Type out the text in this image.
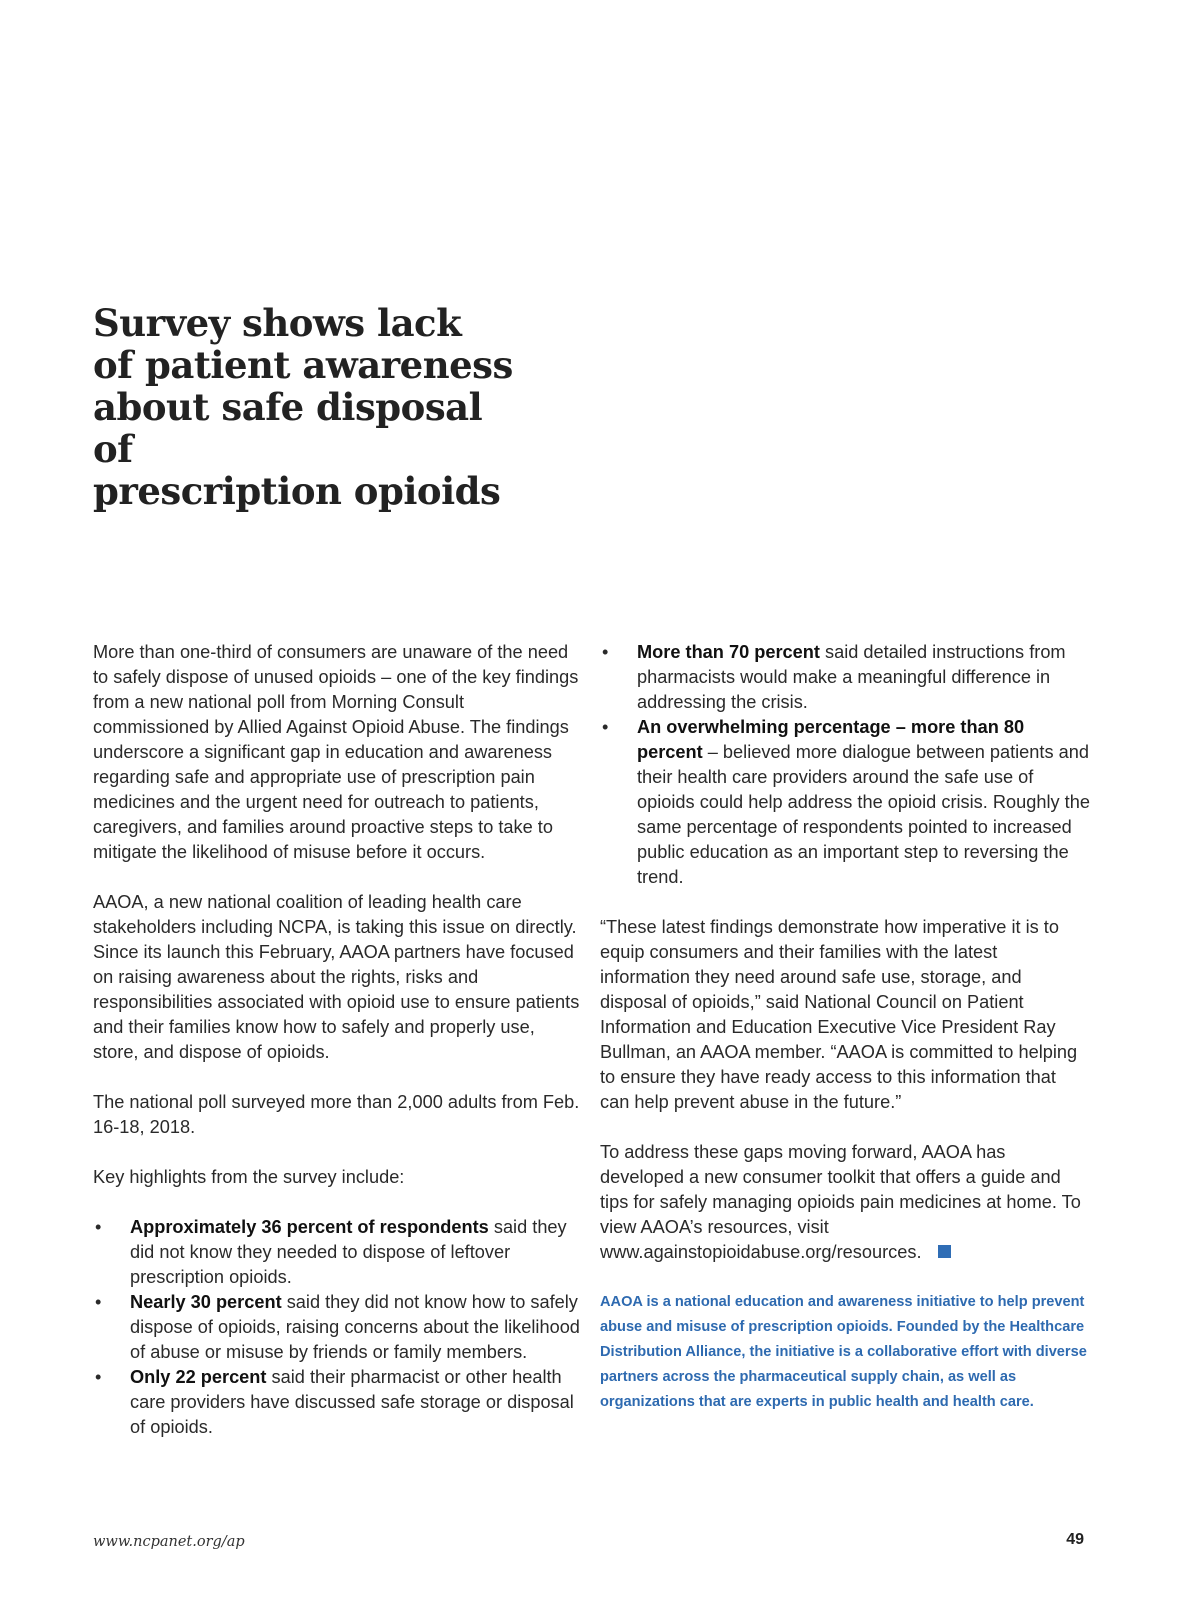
Survey shows lack
of patient awareness
about safe disposal of
prescription opioids

More than one-third of consumers are unaware of the need to safely dispose of unused opioids – one of the key findings from a new national poll from Morning Consult commissioned by Allied Against Opioid Abuse. The findings underscore a significant gap in education and awareness regarding safe and appropriate use of prescription pain medicines and the urgent need for outreach to patients, caregivers, and families around proactive steps to take to mitigate the likelihood of misuse before it occurs.

AAOA, a new national coalition of leading health care stakeholders including NCPA, is taking this issue on directly. Since its launch this February, AAOA partners have focused on raising awareness about the rights, risks and responsibilities associated with opioid use to ensure patients and their families know how to safely and properly use, store, and dispose of opioids.

The national poll surveyed more than 2,000 adults from Feb. 16-18, 2018.

Key highlights from the survey include:

• Approximately 36 percent of respondents said they did not know they needed to dispose of leftover prescription opioids.
• Nearly 30 percent said they did not know how to safely dispose of opioids, raising concerns about the likelihood of abuse or misuse by friends or family members.
• Only 22 percent said their pharmacist or other health care providers have discussed safe storage or disposal of opioids.
• More than 70 percent said detailed instructions from pharmacists would make a meaningful difference in addressing the crisis.
• An overwhelming percentage – more than 80 percent – believed more dialogue between patients and their health care providers around the safe use of opioids could help address the opioid crisis. Roughly the same percentage of respondents pointed to increased public education as an important step to reversing the trend.

“These latest findings demonstrate how imperative it is to equip consumers and their families with the latest information they need around safe use, storage, and disposal of opioids,” said National Council on Patient Information and Education Executive Vice President Ray Bullman, an AAOA member. “AAOA is committed to helping to ensure they have ready access to this information that can help prevent abuse in the future.”

To address these gaps moving forward, AAOA has developed a new consumer toolkit that offers a guide and tips for safely managing opioids pain medicines at home. To view AAOA’s resources, visit www.againstopioidabuse.org/resources.

AAOA is a national education and awareness initiative to help prevent abuse and misuse of prescription opioids. Founded by the Healthcare Distribution Alliance, the initiative is a collaborative effort with diverse partners across the pharmaceutical supply chain, as well as organizations that are experts in public health and health care.
www.ncpanet.org/ap	49
